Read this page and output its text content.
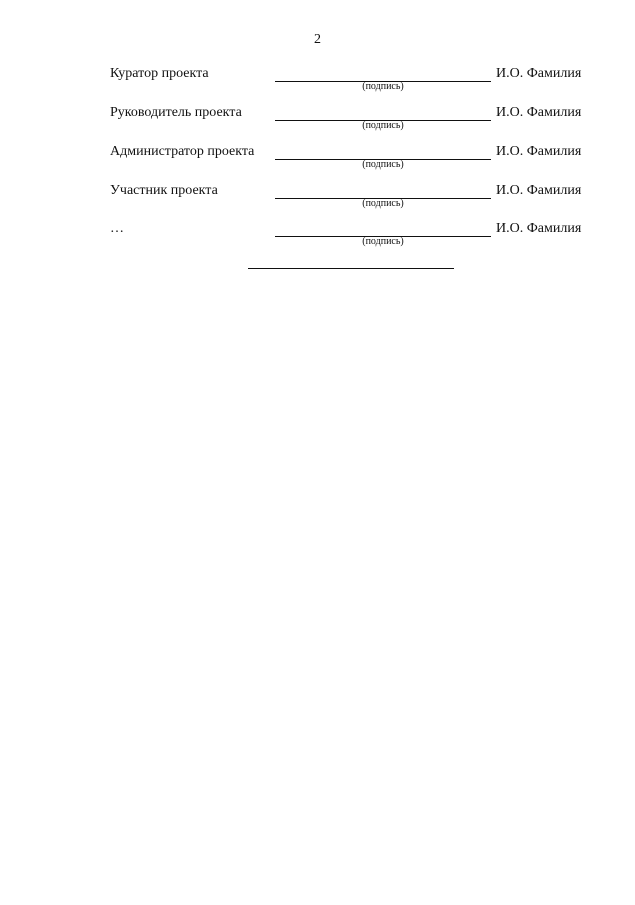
2
Куратор проекта
(подпись)
И.О. Фамилия
Руководитель проекта
(подпись)
И.О. Фамилия
Администратор проекта
(подпись)
И.О. Фамилия
Участник проекта
(подпись)
И.О. Фамилия
…
(подпись)
И.О. Фамилия
